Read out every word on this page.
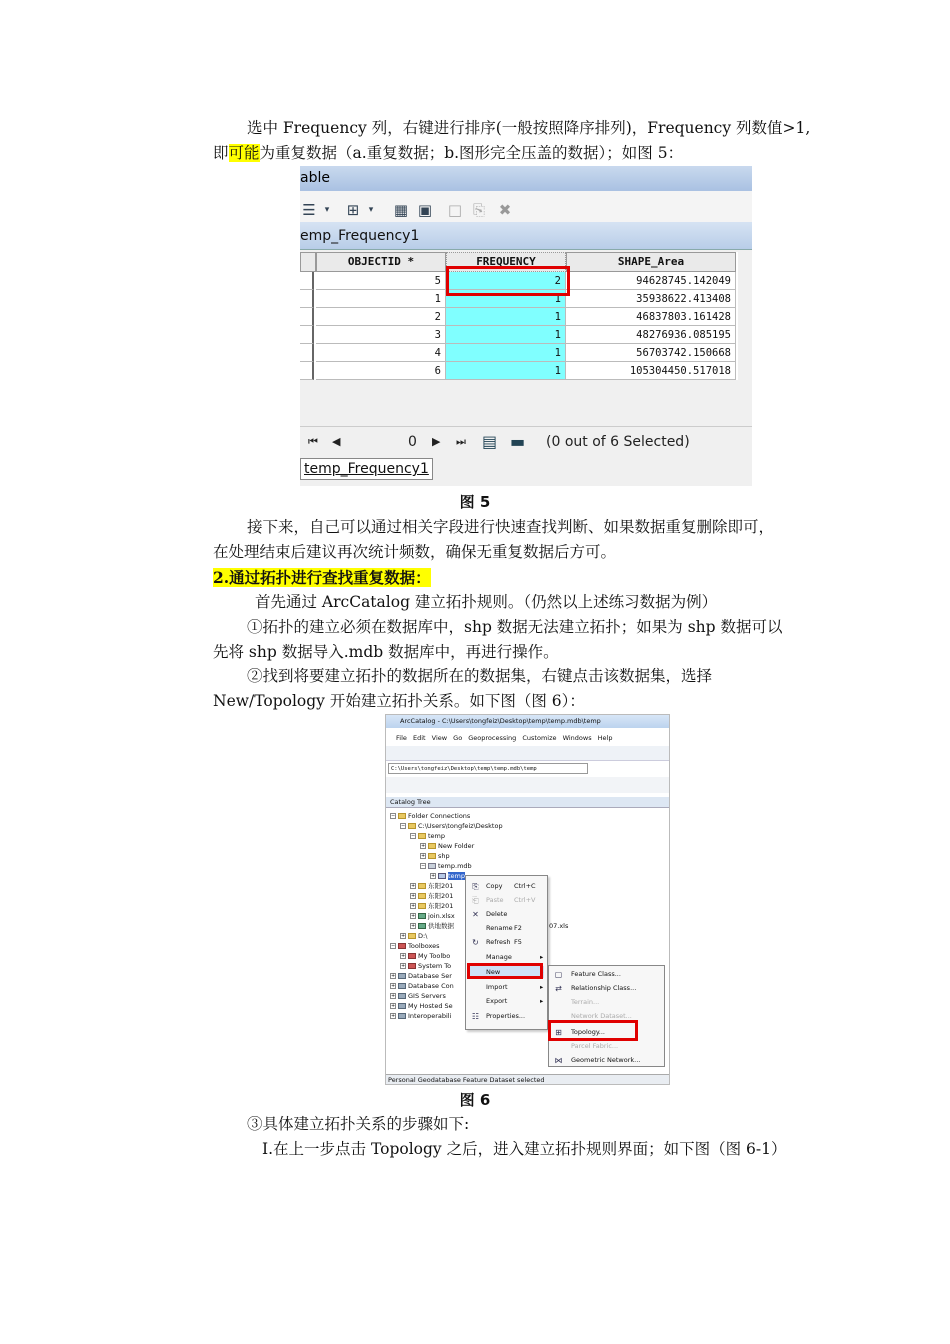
选中 Frequency 列，右键进行排序(一般按照降序排列)，Frequency 列数值>1,
即可能为重复数据（a.重复数据；b.图形完全压盖的数据）；如图 5：
able
☰	▾	⊞	▾	▦ ▣ □ ⎘ ✖
emp_Frequency1
OBJECTID *	FREQUENCY	SHAPE_Area
5	2	94628745.142049
1	1	35938622.413408
2	1	46837803.161428
3	1	48276936.085195
4	1	56703742.150668
6	1	105304450.517018
⏮ ◀	0 ▶ ⏭ ▤ ▬ (0 out of 6 Selected)
temp_Frequency1
图 5
接下来，自己可以通过相关字段进行快速查找判断、如果数据重复删除即可，
在处理结束后建议再次统计频数，确保无重复数据后方可。
2.通过拓扑进行查找重复数据：
首先通过 ArcCatalog 建立拓扑规则。（仍然以上述练习数据为例）
①拓扑的建立必须在数据库中，shp 数据无法建立拓扑；如果为 shp 数据可以
先将 shp 数据导入.mdb 数据库中，再进行操作。
②找到将要建立拓扑的数据所在的数据集，右键点击该数据集，选择
New/Topology 开始建立拓扑关系。如下图（图 6）：
ArcCatalog - C:\Users\tongfeiz\Desktop\temp\temp.mdb\temp
File Edit View Go Geoprocessing Customize Windows Help
C:\Users\tongfeiz\Desktop\temp\temp.mdb\temp
Catalog Tree
− Folder Connections
− C:\Users\tongfeiz\Desktop
− temp
+ New Folder
+ shp
− temp.mdb
+ temp
+ 东阳201
+ 东阳201
+ 东阳201
+ join.xlsx
+ 供地数据	07.xls
+ D:\
− Toolboxes
+ My Toolbo
+ System To
+ Database Ser
+ Database Con
+ GIS Servers
+ My Hosted Se
+ Interoperabili
⎘ Copy Ctrl+C
⎗ Paste Ctrl+V
✕ Delete
Rename F2
↻ Refresh F5
Manage	▸
New	▸
Import	▸
Export	▸
☷ Properties...
▢ Feature Class...
⇄ Relationship Class...
Terrain...
Network Dataset...
⊞ Topology...
Parcel Fabric...
⋈ Geometric Network...
Personal Geodatabase Feature Dataset selected
图 6
③具体建立拓扑关系的步骤如下:
Ⅰ.在上一步点击 Topology 之后，进入建立拓扑规则界面；如下图（图 6-1）
